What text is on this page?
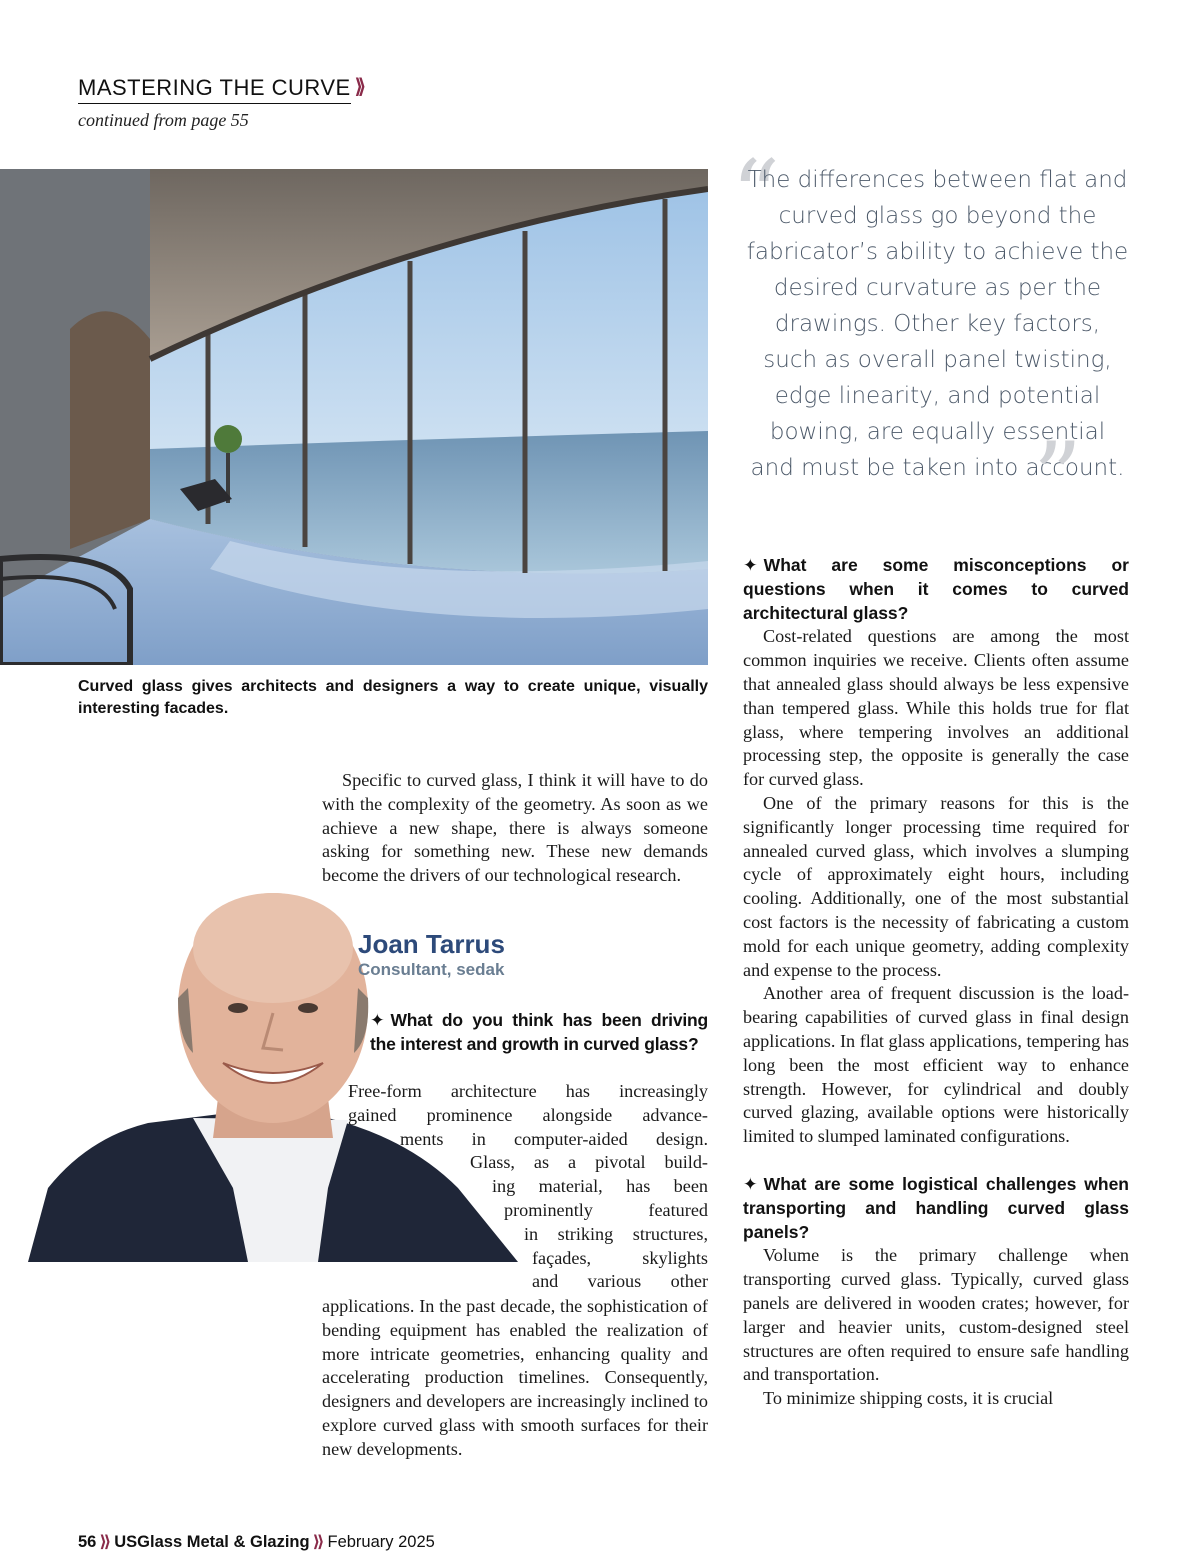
MASTERING THE CURVE ⟫
continued from page 55
Curved glass gives architects and designers a way to create unique, visually interesting facades.
“

The differences between flat and curved glass go beyond the fabricator’s ability to achieve the desired curvature as per the drawings. Other key factors, such as overall panel twisting, edge linearity, and potential bowing, are equally essential and must be taken into account.

”

Specific to curved glass, I think it will have to do with the complexity of the geometry. As soon as we achieve a new shape, there is always someone asking for something new. These new demands become the drivers of our technological research.

Joan Tarrus
Consultant, sedak

✦ What do you think has been driving the interest and growth in curved glass?

Free-form architecture has increasingly
gained prominence alongside advance-
ments in computer-aided design.
Glass, as a pivotal build-
ing material, has been
prominently featured
in striking structures,
façades, skylights
and various other

applications. In the past decade, the sophistication of bending equipment has enabled the realization of more intricate geometries, enhancing quality and accelerating production timelines. Consequently, designers and developers are increasingly inclined to explore curved glass with smooth surfaces for their new developments.

✦ What are some misconceptions or questions when it comes to curved architectural glass?

Cost-related questions are among the most common inquiries we receive. Clients often assume that annealed glass should always be less expensive than tempered glass. While this holds true for flat glass, where tempering involves an additional processing step, the opposite is generally the case for curved glass.

One of the primary reasons for this is the significantly longer processing time required for annealed curved glass, which involves a slumping cycle of approximately eight hours, including cooling. Additionally, one of the most substantial cost factors is the necessity of fabricating a custom mold for each unique geometry, adding complexity and expense to the process.

Another area of frequent discussion is the load-bearing capabilities of curved glass in final design applications. In flat glass applications, tempering has long been the most efficient way to enhance strength. However, for cylindrical and doubly curved glazing, available options were historically limited to slumped laminated configurations.

✦ What are some logistical challenges when transporting and handling curved glass panels?

Volume is the primary challenge when transporting curved glass. Typically, curved glass panels are delivered in wooden crates; however, for larger and heavier units, custom-designed steel structures are often required to ensure safe handling and transportation.

To minimize shipping costs, it is crucial

56 ⟫ USGlass Metal & Glazing ⟫ February 2025
